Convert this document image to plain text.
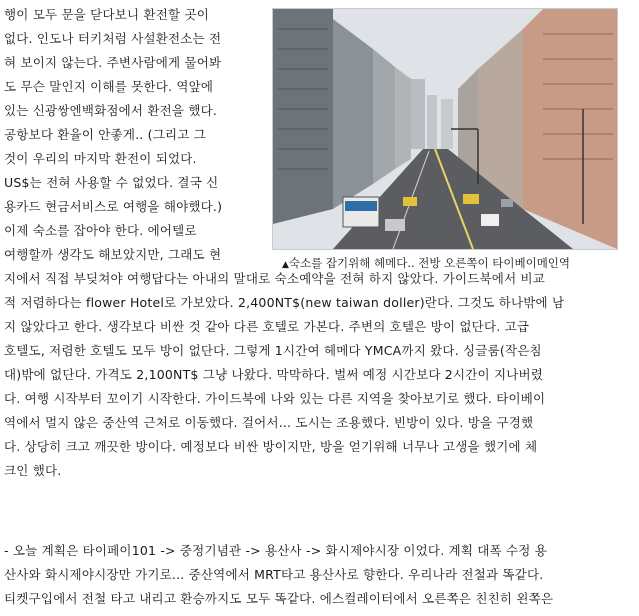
행이 모두 문을 닫다보니 환전할 곳이
없다. 인도나 터키처럼 사설환전소는 전
혀 보이지 않는다. 주변사람에게 물어봐
도 무슨 말인지 이해를 못한다. 역앞에
있는 신광쌍엔백화점에서 환전을 했다.
공항보다 환율이 안좋게.. (그리고 그
것이 우리의 마지막 환전이 되었다.
US$는 전혀 사용할 수 없었다. 결국 신
용카드 현금서비스로 여행을 해야했다.)
이제 숙소를 잡아야 한다. 에어텔로
여행할까 생각도 해보았지만, 그래도 현
▲숙소를 잡기위해 헤메다.. 전방 오른쪽이 타이베이메인역
지에서 직접 부딪쳐야 여행답다는 아내의 말대로 숙소예약을 전혀 하지 않았다. 가이드북에서 비교
적 저렴하다는 flower Hotel로 가보았다. 2,400NT$(new taiwan doller)란다. 그것도 하나밖에 남
지 않았다고 한다. 생각보다 비싼 것 같아 다른 호텔로 가본다. 주변의 호텔은 방이 없단다. 고급
호텔도, 저렴한 호텔도 모두 방이 없단다. 그렇게 1시간여 헤메다 YMCA까지 왔다. 싱글룸(작은침
대)밖에 없단다. 가격도 2,100NT$ 그냥 나왔다. 막막하다. 벌써 예정 시간보다 2시간이 지나버렸
다. 여행 시작부터 꼬이기 시작한다. 가이드북에 나와 있는 다른 지역을 찾아보기로 했다. 타이베이
역에서 멀지 않은 중산역 근처로 이동했다. 걸어서... 도시는 조용했다. 빈방이 있다. 방을 구경했
다. 상당히 크고 깨끗한 방이다. 예정보다 비싼 방이지만, 방을 얻기위해 너무나 고생을 했기에 체
크인 했다.
- 오늘 계획은 타이페이101 -> 중정기념관 -> 용산사 -> 화시제야시장 이었다. 계획 대폭 수정 용
산사와 화시제야시장만 가기로... 중산역에서 MRT타고 용산사로 향한다. 우리나라 전철과 똑같다.
티켓구입에서 전철 타고 내리고 환승까지도 모두 똑같다. 에스컬레이터에서 오른쪽은 친친히 왼쪽은
